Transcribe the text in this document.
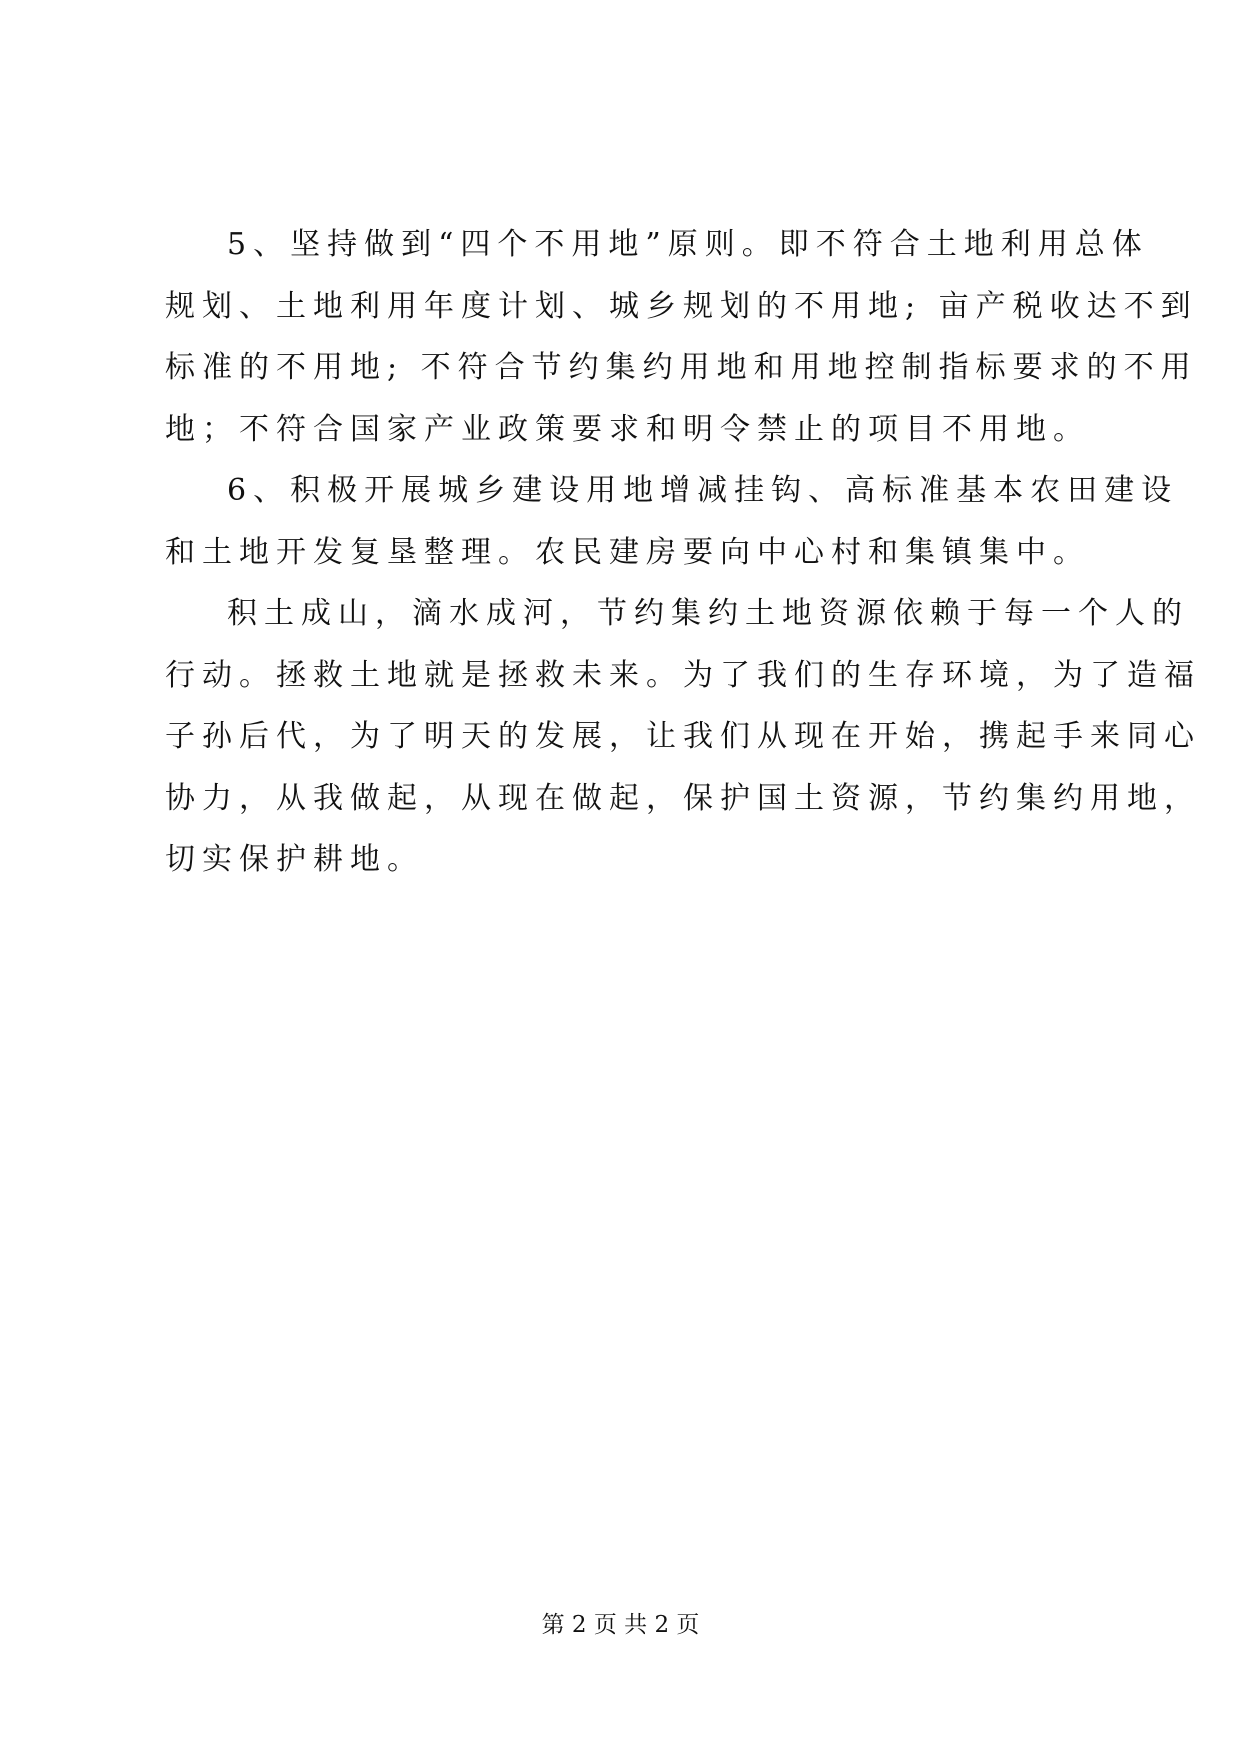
5、坚持做到“四个不用地”原则。即不符合土地利用总体
规划、土地利用年度计划、城乡规划的不用地; 亩产税收达不到
标准的不用地; 不符合节约集约用地和用地控制指标要求的不用
地；不符合国家产业政策要求和明令禁止的项目不用地。
6、积极开展城乡建设用地增减挂钩、高标准基本农田建设
和土地开发复垦整理。农民建房要向中心村和集镇集中。
积土成山，滴水成河，节约集约土地资源依赖于每一个人的
行动。拯救土地就是拯救未来。为了我们的生存环境，为了造福
子孙后代，为了明天的发展，让我们从现在开始，携起手来同心
协力，从我做起，从现在做起，保护国土资源，节约集约用地，
切实保护耕地。
第 2 页 共 2 页
